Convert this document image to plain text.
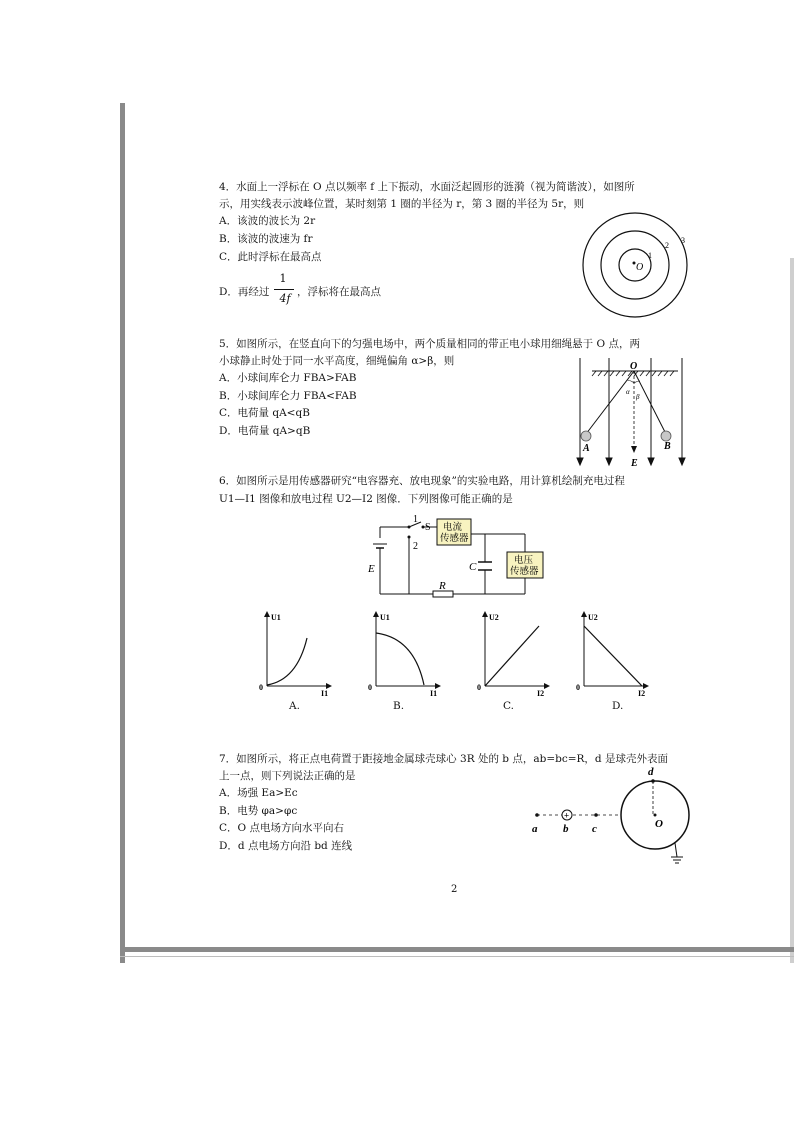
4．水面上一浮标在 O 点以频率 f 上下振动，水面泛起圆形的涟漪（视为简谐波），如图所
示，用实线表示波峰位置，某时刻第 1 圈的半径为 r，第 3 圈的半径为 5r，则
A．该波的波长为 2r
B．该波的波速为 fr
C．此时浮标在最高点
D．再经过
1
4f ，浮标将在最高点
O
1
2
3
5．如图所示，在竖直向下的匀强电场中，两个质量相同的带正电小球用细绳悬于 O 点，两
小球静止时处于同一水平高度，细绳偏角 α>β，则
A．小球间库仑力 FBA>FAB
B．小球间库仑力 FBA<FAB
C．电荷量 qA<qB
D．电荷量 qA>qB
O
α
β
A	B
E
6．如图所示是用传感器研究“电容器充、放电现象”的实验电路，用计算机绘制充电过程
U1—I1 图像和放电过程 U2—I2 图像．下列图像可能正确的是
电流
传感器
电压
传感器
S
1
2
E	C
R
U1
I1
0
A.
U1
I1
0
B.
U2
I2
0
C.
U2
I2
0
D.
7．如图所示，将正点电荷置于距接地金属球壳球心 3R 处的 b 点，ab=bc=R，d 是球壳外表面
上一点，则下列说法正确的是
A．场强 Ea>Ec
B．电势 φa>φc
C．O 点电场方向水平向右
D．d 点电场方向沿 bd 连线
+
a b c
d
O
2
